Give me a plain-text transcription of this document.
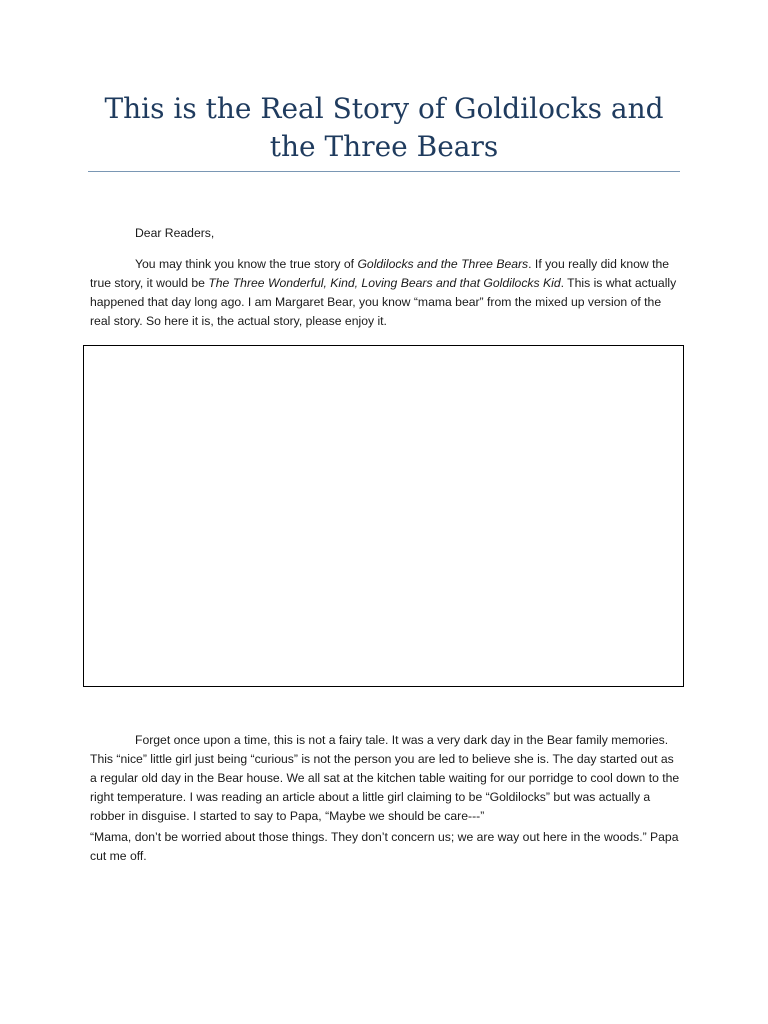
This is the Real Story of Goldilocks and the Three Bears

Dear Readers,

You may think you know the true story of Goldilocks and the Three Bears. If you really did know the true story, it would be The Three Wonderful, Kind, Loving Bears and that Goldilocks Kid. This is what actually happened that day long ago. I am Margaret Bear, you know “mama bear” from the mixed up version of the real story. So here it is, the actual story, please enjoy it.

Forget once upon a time, this is not a fairy tale. It was a very dark day in the Bear family memories. This “nice” little girl just being “curious” is not the person you are led to believe she is. The day started out as a regular old day in the Bear house. We all sat at the kitchen table waiting for our porridge to cool down to the right temperature. I was reading an article about a little girl claiming to be “Goldilocks” but was actually a robber in disguise. I started to say to Papa, “Maybe we should be care---”

“Mama, don’t be worried about those things. They don’t concern us; we are way out here in the woods.” Papa cut me off.
